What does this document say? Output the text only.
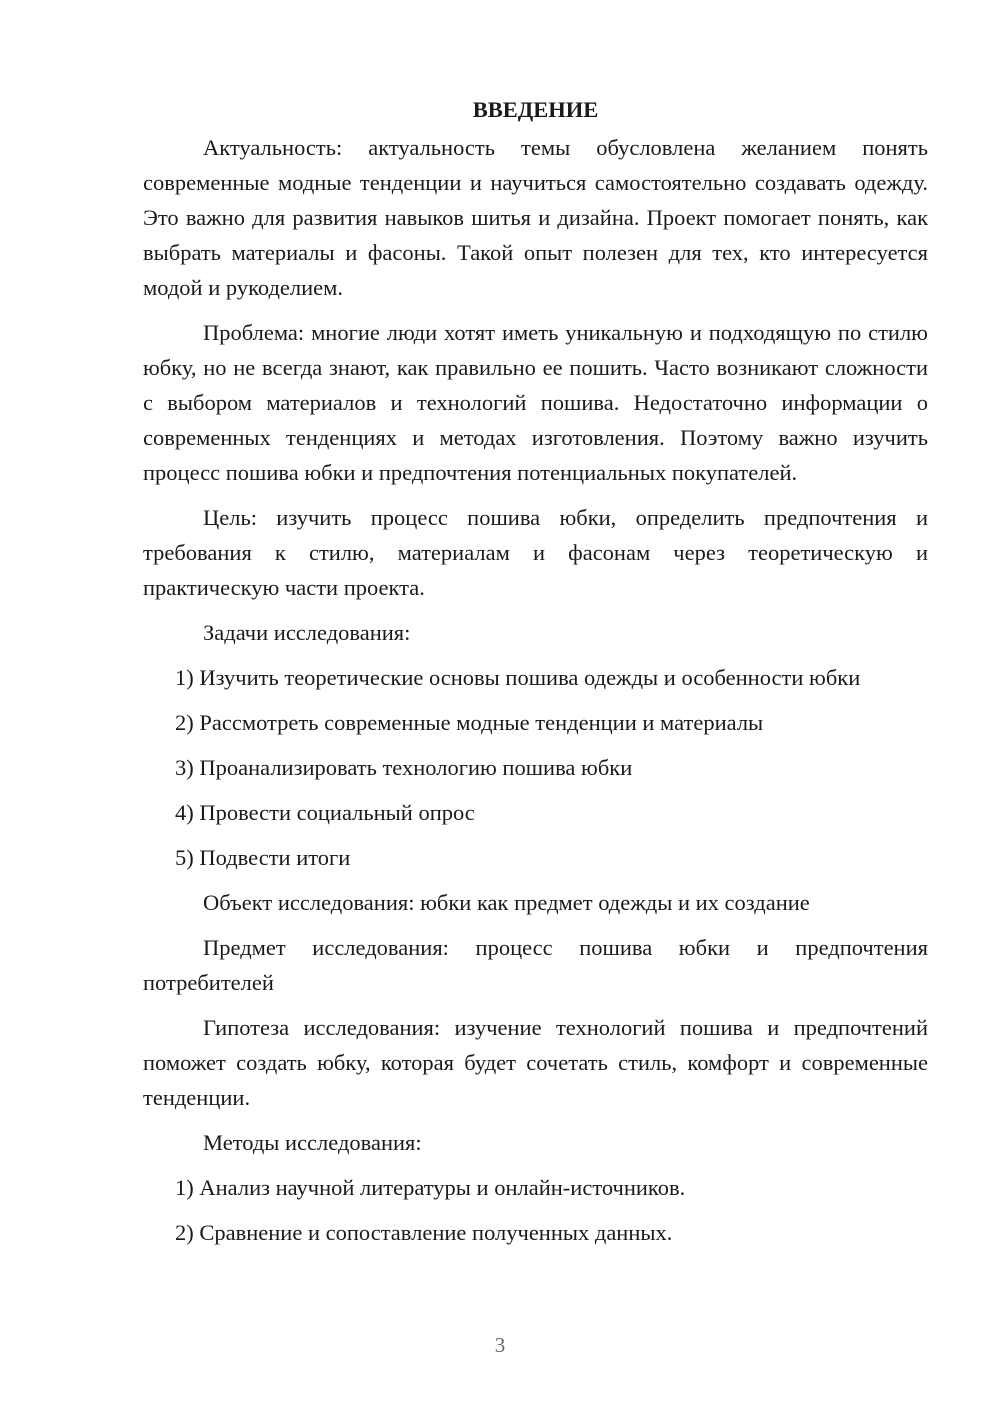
ВВЕДЕНИЕ

Актуальность: актуальность темы обусловлена желанием понять современные модные тенденции и научиться самостоятельно создавать одежду. Это важно для развития навыков шитья и дизайна. Проект помогает понять, как выбрать материалы и фасоны. Такой опыт полезен для тех, кто интересуется модой и рукоделием.

Проблема: многие люди хотят иметь уникальную и подходящую по стилю юбку, но не всегда знают, как правильно ее пошить. Часто возникают сложности с выбором материалов и технологий пошива. Недостаточно информации о современных тенденциях и методах изготовления. Поэтому важно изучить процесс пошива юбки и предпочтения потенциальных покупателей.

Цель: изучить процесс пошива юбки, определить предпочтения и требования к стилю, материалам и фасонам через теоретическую и практическую части проекта.

Задачи исследования:

1) Изучить теоретические основы пошива одежды и особенности юбки

2) Рассмотреть современные модные тенденции и материалы

3) Проанализировать технологию пошива юбки

4) Провести социальный опрос

5) Подвести итоги

Объект исследования: юбки как предмет одежды и их создание

Предмет исследования: процесс пошива юбки и предпочтения потребителей

Гипотеза исследования: изучение технологий пошива и предпочтений поможет создать юбку, которая будет сочетать стиль, комфорт и современные тенденции.

Методы исследования:

1) Анализ научной литературы и онлайн-источников.

2) Сравнение и сопоставление полученных данных.

3
